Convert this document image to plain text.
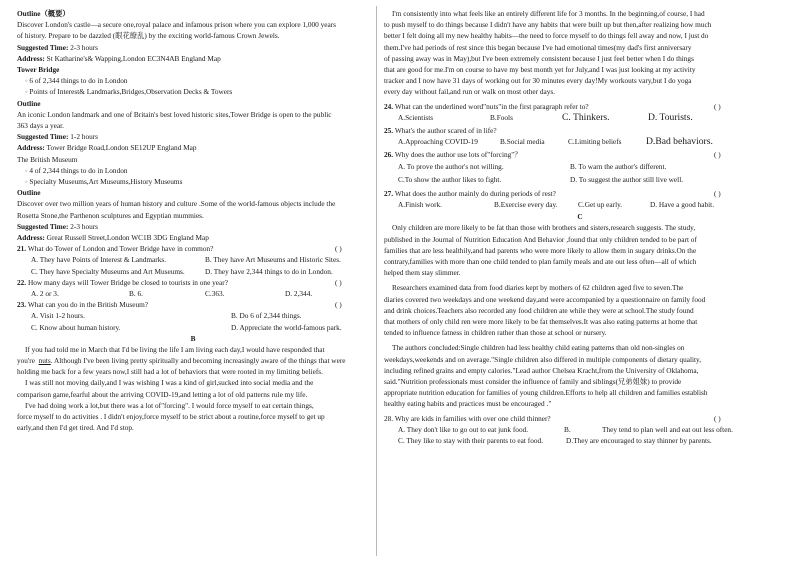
Outline（概要）
Discover London's castle—a secure one,royal palace and infamous prison where you can explore 1,000 years
of history. Prepare to be dazzled (眼花缭乱) by the exciting world-famous Crown Jewels.
Suggested Time: 2-3 hours
Address: St Katharine's& Wapping,London EC3N4AB England Map
Tower Bridge
◦ 6 of 2,344 things to do in London
◦ Points of Interest& Landmarks,Bridges,Observation Decks & Towers
Outline
An iconic London landmark and one of Britain's best loved historic sites,Tower Bridge is open to the public
363 days a year.
Suggested Time: 1-2 hours
Address: Tower Bridge Road,London SE12UP England Map
The British Museum
◦ 4 of 2,344 things to do in London
◦ Specialty Museums,Art Museums,History Museums
Outline
Discover over two million years of human history and culture .Some of the world-famous objects include the
Rosetta Stone,the Parthenon sculptures and Egyptian mummies.
Suggested Time: 2-3 hours
Address: Great Russell Street,London WC1B 3DG England Map
21. What do Tower of London and Tower Bridge have in common?	( )
A. They have Points of Interest & Landmarks.	B. They have Art Museums and Historic Sites.
C. They have Specialty Museums and Art Museums.	D. They have 2,344 things to do in London.
22. How many days will Tower Bridge be closed to tourists in one year?	( )
A. 2 or 3.	B. 6.	C.363.	D. 2,344.
23. What can you do in the British Museum?	( )
A. Visit 1-2 hours.	B. Do 6 of 2,344 things.
C. Know about human history.	D. Appreciate the world-famous park.
B
If you had told me in March that I'd be living the life I am living each day,I would have responded that
you're  nuts. Although I've been living pretty spiritually and becoming increasingly aware of the things that were
holding me back for a few years now,I still had a lot of behaviors that were rooted in my limiting beliefs.
I was still not moving daily,and I was wishing I was a kind of girl,sucked into social media and the
comparison game,fearful about the arriving COVID-19,and letting a lot of old patterns rule my life.
I've had doing work a lot,but there was a lot of"forcing". I would force myself to eat certain things,
force myself to do activities . I didn't enjoy,force myself to be strict about a routine,force myself to get up
early,and then I'd get tired. And I'd stop.
I'm consistently into what feels like an entirely different life for 3 months. In the beginning,of course, I had
to push myself to do things because I didn't have any habits that were built up but then,after realizing how much
better I felt doing all my new healthy habits—the need to force myself to do things fell away and now, I just do
them.I've had periods of rest since this began because I've had emotional times(my dad's first anniversary
of passing away was in May),but I've been extremely consistent because I just feel better when I do things
that are good for me.I'm on course to have my best month yet for July,and I was just looking at my activity
tracker and I now have 31 days of working out for 30 minutes every day!My workouts vary,but I do yoga
every day without fail,and run or walk on most other days.
24. What can the underlined word"nuts"in the first paragraph refer to?	( )
A.Scientists	B.Fools	C. Thinkers.	D. Tourists.
25. What's the author scared of in life?
A.Approaching COVID-19	B.Social media	C.Limiting beliefs	D.Bad behaviors.
26. Why does the author use lots of"forcing"？	( )
A. To prove the author's not willing.	B. To warn the author's different.
C.To show the author likes to fight.	D. To suggest the author still live well.
27. What does the author mainly do during periods of rest?	( )
A.Finish work.	B.Exercise every day.	C.Get up early.	D. Have a good habit.
C
Only children are more likely to be fat than those with brothers and sisters,research suggests. The study,
published in the Journal of Nutrition Education And Behavior ,found that only children tended to be part of
families that are less healthily,and had parents who were more likely to allow them in sugary drinks.On the
contrary,families with more than one child tended to plan family meals and ate out less often—all of which
helped them stay slimmer.
Researchers examined data from food diaries kept by mothers of 62 children aged five to seven.The
diaries covered two weekdays and one weekend day,and were accompanied by a questionnaire on family food
and drink choices.Teachers also recorded any food children ate while they were at school.The study found
that mothers of only child ren were more likely to be fat themselves.It was also eating patterns at home that
tended to influence fatness in children rather than those at school or nursery.
The authors concluded:Single children had less healthy child eating patterns than old non-singles on
weekdays,weekends and on average."Single children also differed in multiple components of dietary quality,
including refined grains and empty calories."Lead author Chelsea Kracht,from the University of Oklahoma,
said."Nutrition professionals must consider the influence of family and siblings(兄弟姐妹) to provide
appropriate nutrition education for families of young children.Efforts to help all children and families establish
healthy eating habits and practices must be encouraged ."
28. Why are kids in families with over one child thinner?	( )
A. They don't like to go out to eat junk food.	B.	They tend to plan well and eat out less often.
C. They like to stay with their parents to eat food.	D.They are encouraged to stay thinner by parents.
